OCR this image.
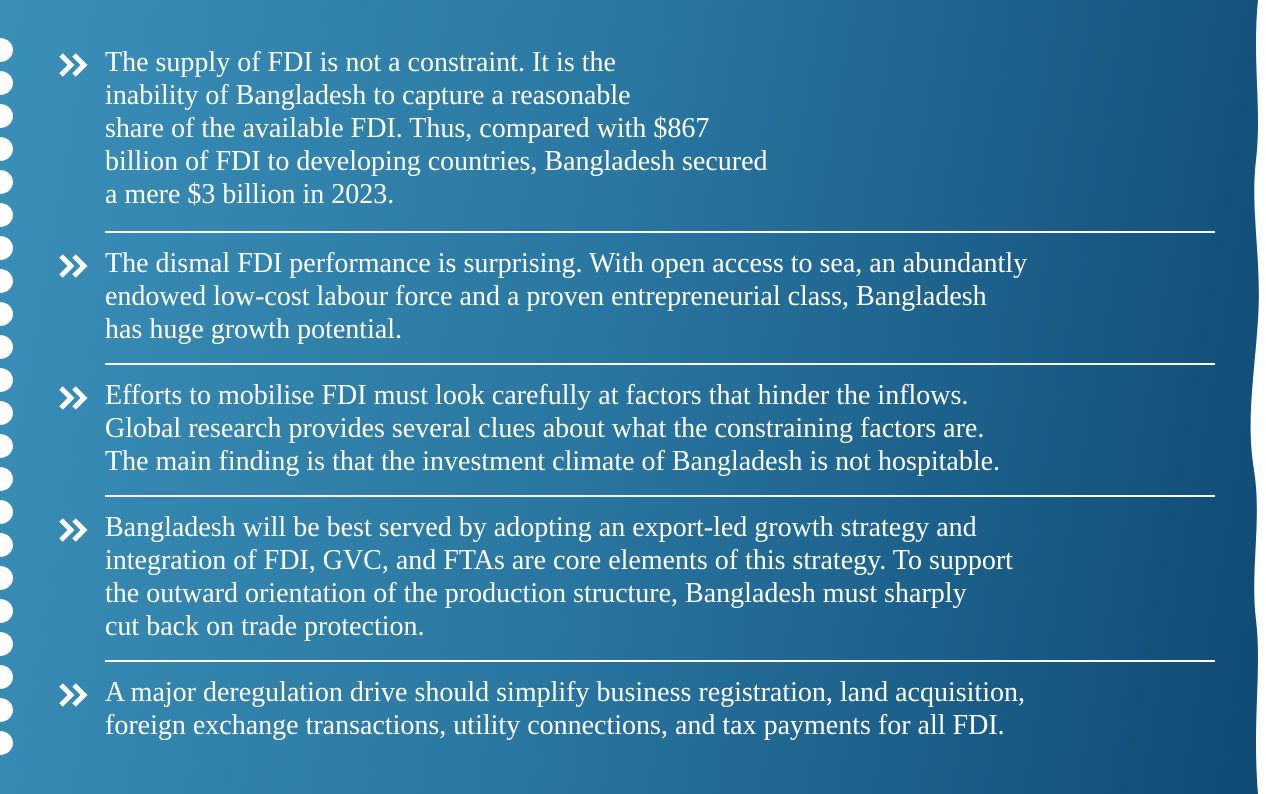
The supply of FDI is not a constraint. It is the
inability of Bangladesh to capture a reasonable
share of the available FDI. Thus, compared with $867
billion of FDI to developing countries, Bangladesh secured
a mere $3 billion in 2023.

The dismal FDI performance is surprising. With open access to sea, an abundantly
endowed low-cost labour force and a proven entrepreneurial class, Bangladesh
has huge growth potential.

Efforts to mobilise FDI must look carefully at factors that hinder the inflows.
Global research provides several clues about what the constraining factors are.
The main finding is that the investment climate of Bangladesh is not hospitable.

Bangladesh will be best served by adopting an export-led growth strategy and
integration of FDI, GVC, and FTAs are core elements of this strategy. To support
the outward orientation of the production structure, Bangladesh must sharply
cut back on trade protection.

A major deregulation drive should simplify business registration, land acquisition,
foreign exchange transactions, utility connections, and tax payments for all FDI.
